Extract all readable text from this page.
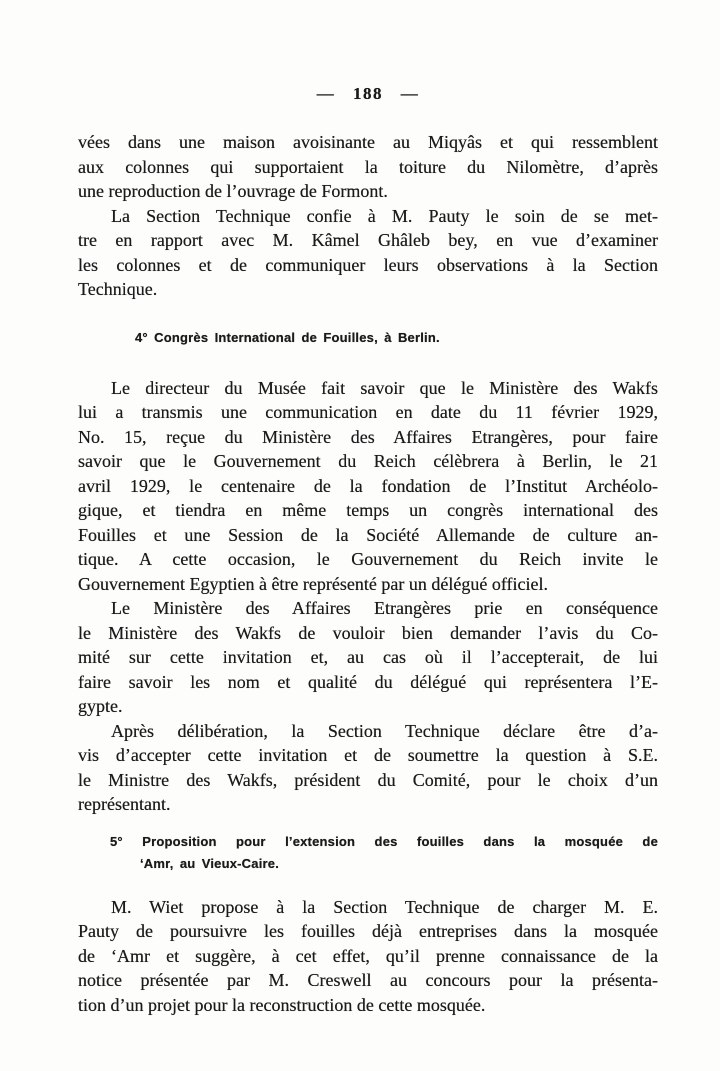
— 188 —
vées dans une maison avoisinante au Miqyâs et qui ressemblent
aux colonnes qui supportaient la toiture du Nilomètre, d’après
une reproduction de l’ouvrage de Formont.
La Section Technique confie à M. Pauty le soin de se met-
tre en rapport avec M. Kâmel Ghâleb bey, en vue d’examiner
les colonnes et de communiquer leurs observations à la Section
Technique.
4° Congrès International de Fouilles, à Berlin.
Le directeur du Musée fait savoir que le Ministère des Wakfs
lui a transmis une communication en date du 11 février 1929,
No. 15, reçue du Ministère des Affaires Etrangères, pour faire
savoir que le Gouvernement du Reich célèbrera à Berlin, le 21
avril 1929, le centenaire de la fondation de l’Institut Archéolo-
gique, et tiendra en même temps un congrès international des
Fouilles et une Session de la Société Allemande de culture an-
tique. A cette occasion, le Gouvernement du Reich invite le
Gouvernement Egyptien à être représenté par un délégué officiel.
Le Ministère des Affaires Etrangères prie en conséquence
le Ministère des Wakfs de vouloir bien demander l’avis du Co-
mité sur cette invitation et, au cas où il l’accepterait, de lui
faire savoir les nom et qualité du délégué qui représentera l’E-
gypte.
Après délibération, la Section Technique déclare être d’a-
vis d’accepter cette invitation et de soumettre la question à S.E.
le Ministre des Wakfs, président du Comité, pour le choix d’un
représentant.
5° Proposition pour l’extension des fouilles dans la mosquée de
‘Amr, au Vieux-Caire.
M. Wiet propose à la Section Technique de charger M. E.
Pauty de poursuivre les fouilles déjà entreprises dans la mosquée
de ‘Amr et suggère, à cet effet, qu’il prenne connaissance de la
notice présentée par M. Creswell au concours pour la présenta-
tion d’un projet pour la reconstruction de cette mosquée.
